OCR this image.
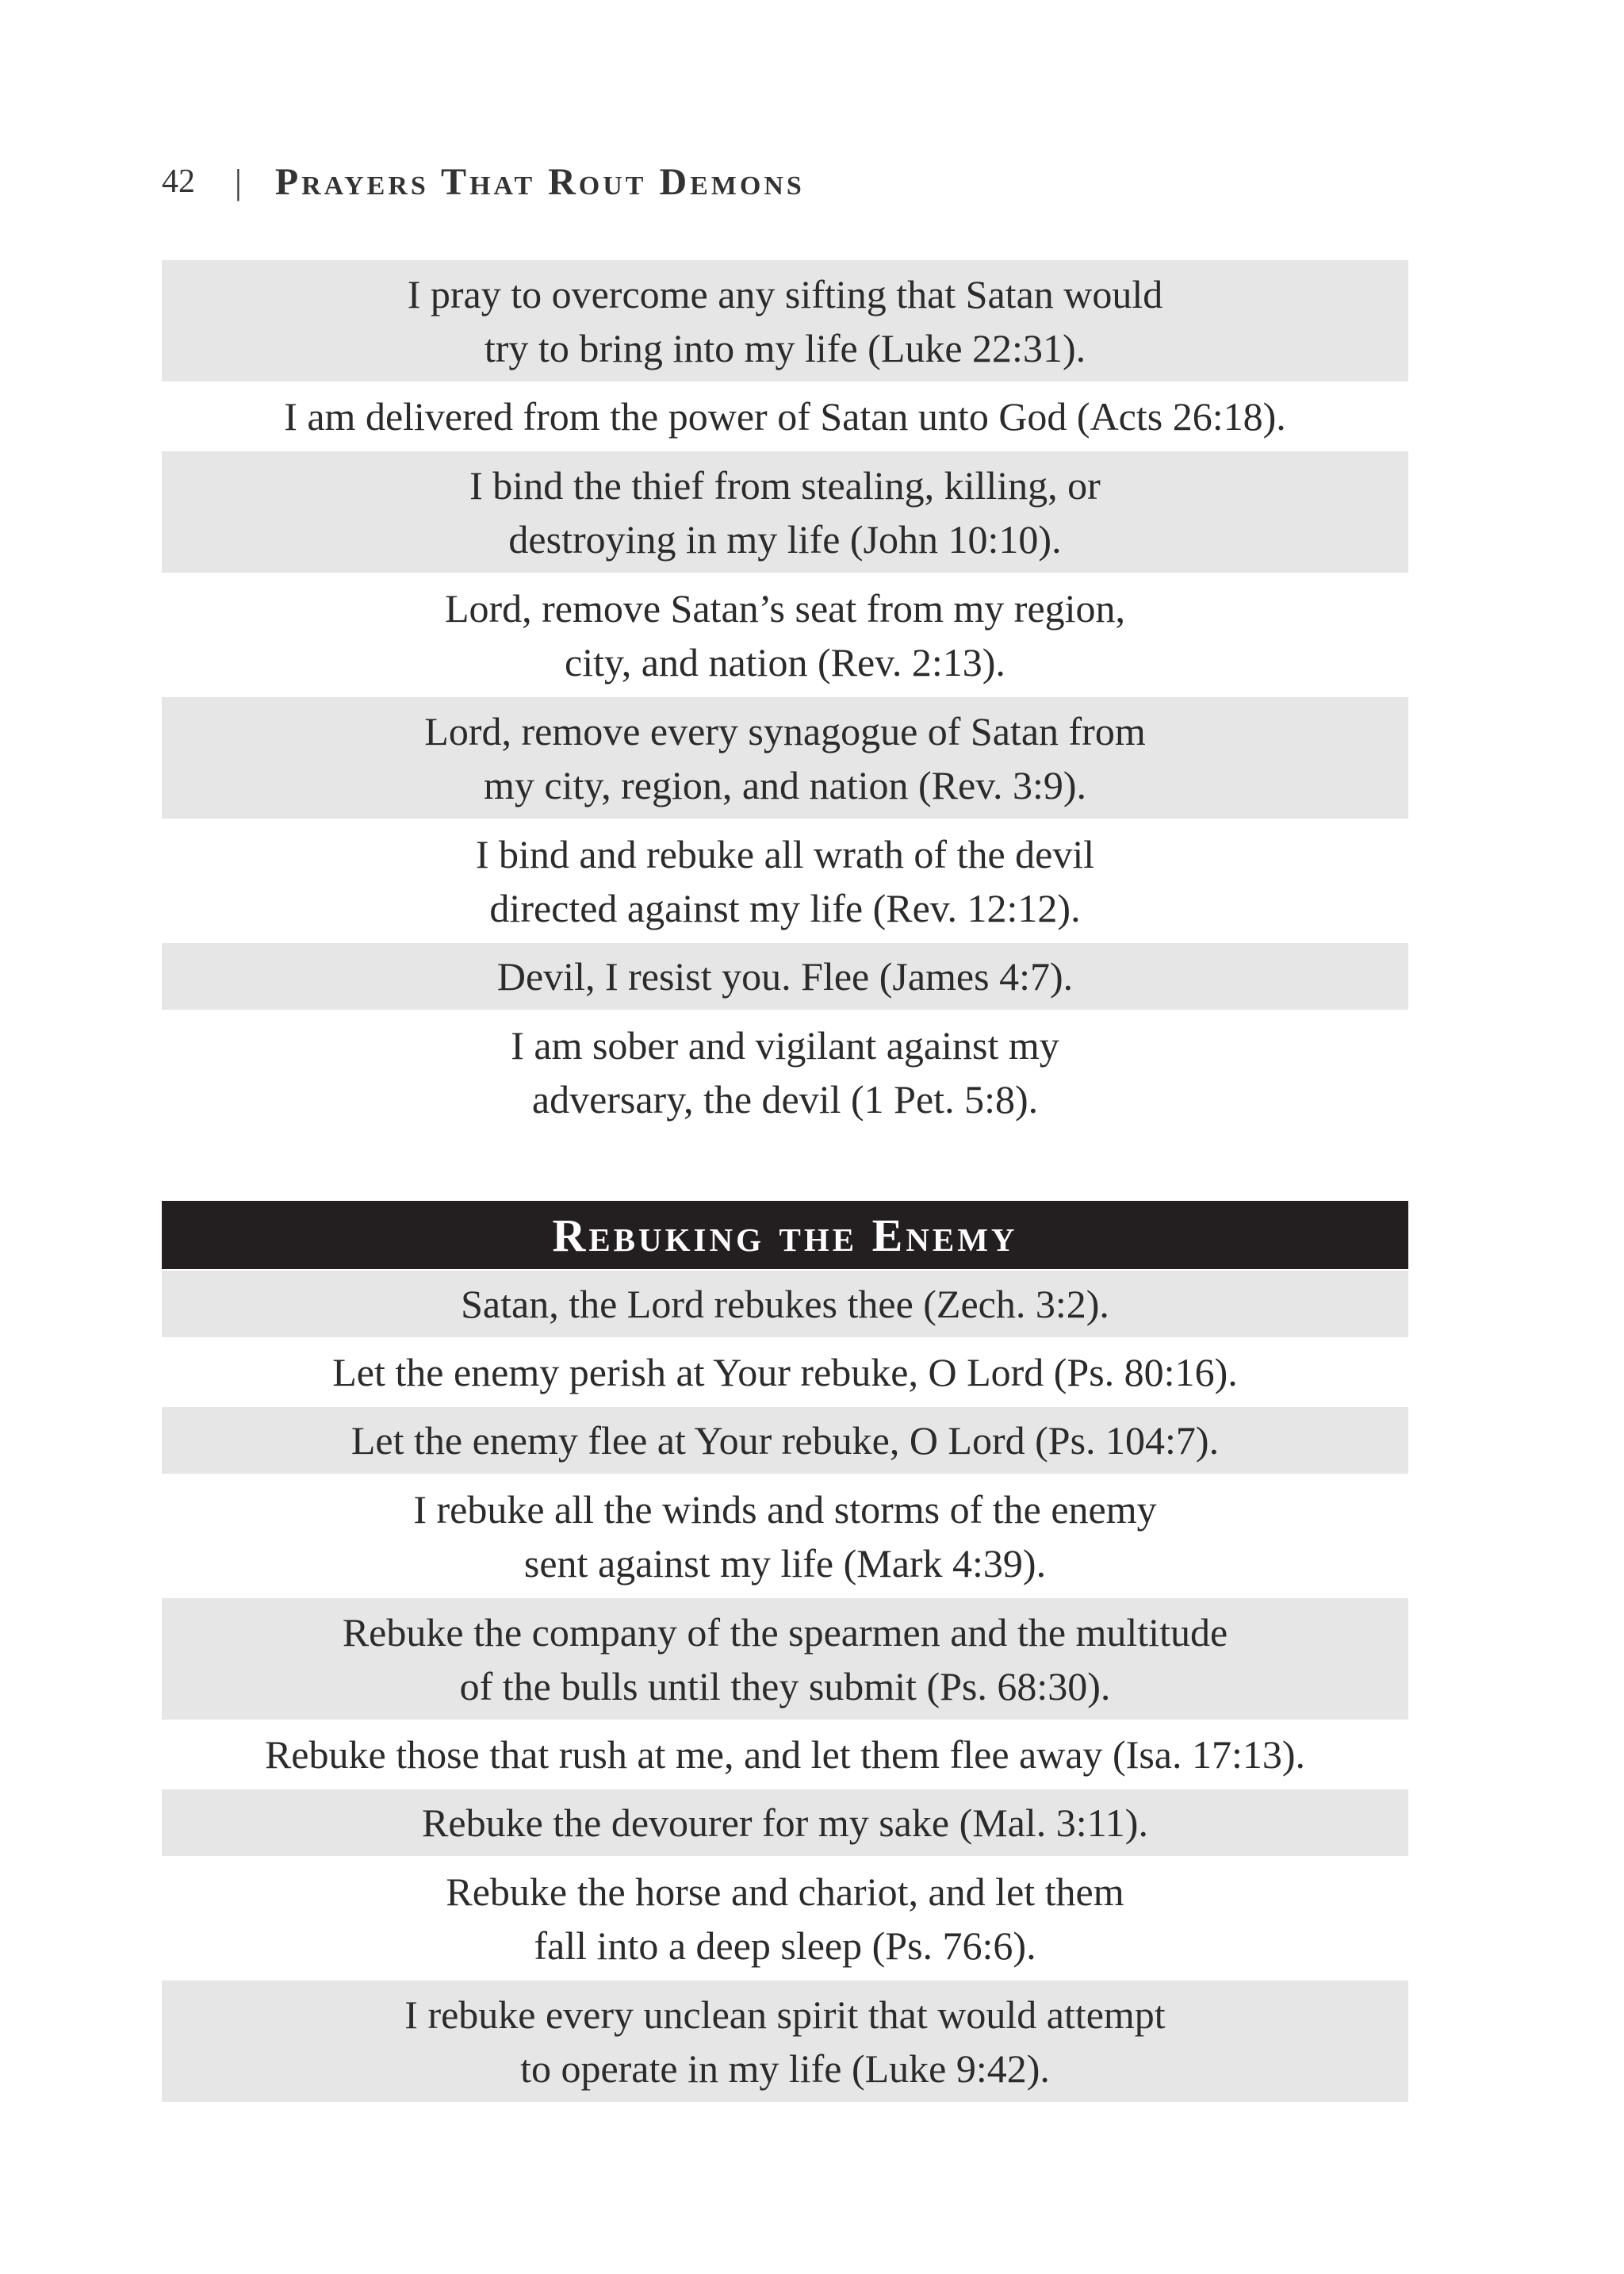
42 | Prayers That Rout Demons
I pray to overcome any sifting that Satan would
try to bring into my life (Luke 22:31).
I am delivered from the power of Satan unto God (Acts 26:18).
I bind the thief from stealing, killing, or
destroying in my life (John 10:10).
Lord, remove Satan’s seat from my region,
city, and nation (Rev. 2:13).
Lord, remove every synagogue of Satan from
my city, region, and nation (Rev. 3:9).
I bind and rebuke all wrath of the devil
directed against my life (Rev. 12:12).
Devil, I resist you. Flee (James 4:7).
I am sober and vigilant against my
adversary, the devil (1 Pet. 5:8).
Rebuking the Enemy
Satan, the Lord rebukes thee (Zech. 3:2).
Let the enemy perish at Your rebuke, O Lord (Ps. 80:16).
Let the enemy flee at Your rebuke, O Lord (Ps. 104:7).
I rebuke all the winds and storms of the enemy
sent against my life (Mark 4:39).
Rebuke the company of the spearmen and the multitude
of the bulls until they submit (Ps. 68:30).
Rebuke those that rush at me, and let them flee away (Isa. 17:13).
Rebuke the devourer for my sake (Mal. 3:11).
Rebuke the horse and chariot, and let them
fall into a deep sleep (Ps. 76:6).
I rebuke every unclean spirit that would attempt
to operate in my life (Luke 9:42).
